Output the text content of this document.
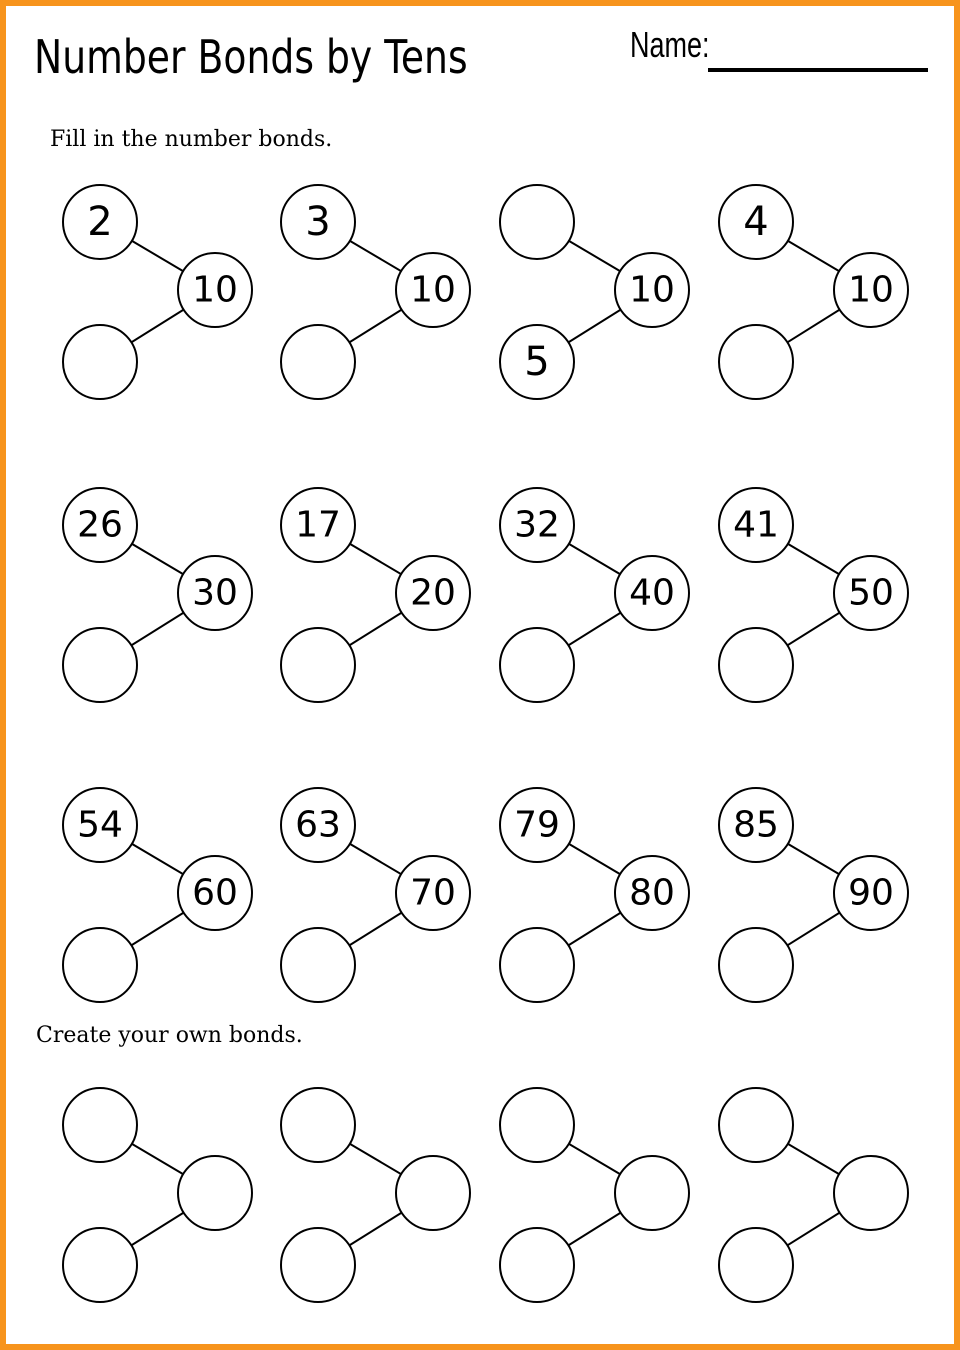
Number Bonds by Tens	Name:
Fill in the number bonds.
Create your own bonds.
2
10
3
10	10
5
4
10
26
30
17
20
32
40
41
50
54
60
63
70
79
80
85
90
